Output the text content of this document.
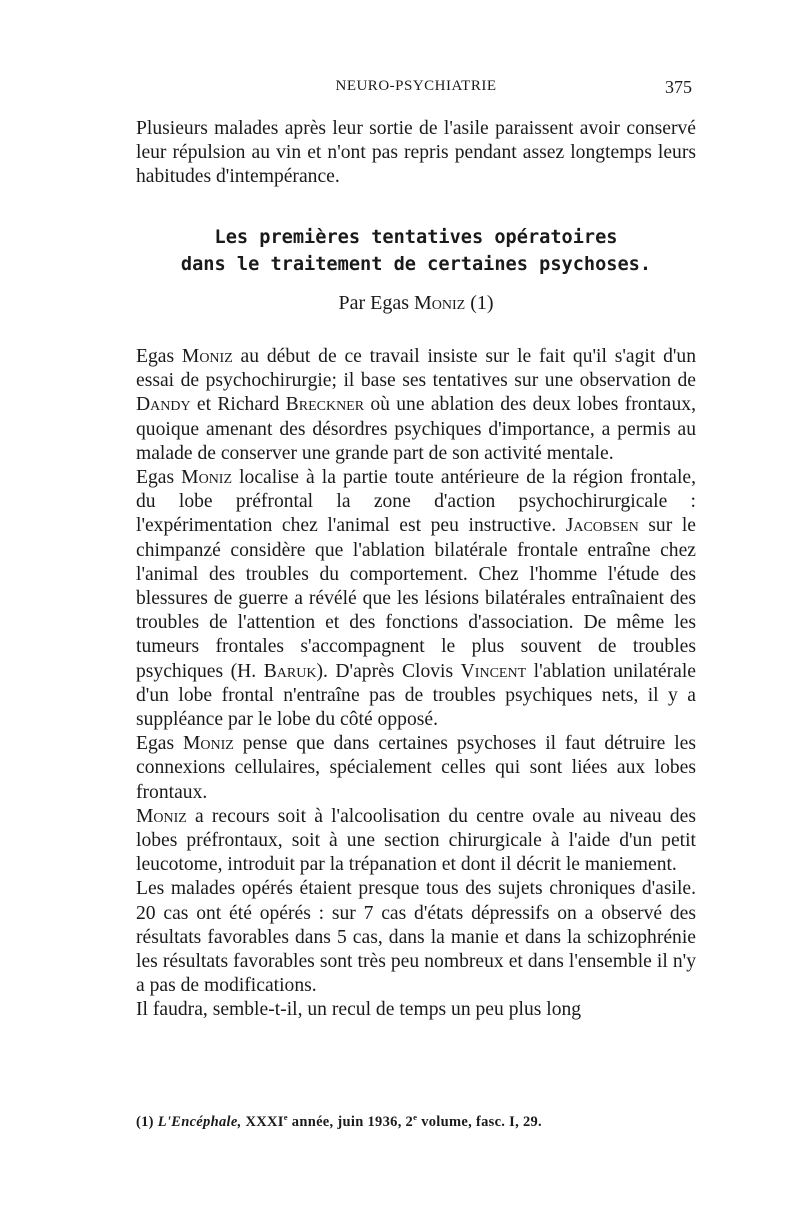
NEURO-PSYCHIATRIE	375

Plusieurs malades après leur sortie de l'asile paraissent avoir conservé leur répulsion au vin et n'ont pas repris pendant assez longtemps leurs habitudes d'intempérance.

Les premières tentatives opératoires
dans le traitement de certaines psychoses.
Par Egas Moniz (1)

Egas Moniz au début de ce travail insiste sur le fait qu'il s'agit d'un essai de psychochirurgie; il base ses tentatives sur une observation de Dandy et Richard Breckner où une ablation des deux lobes frontaux, quoique amenant des désordres psychiques d'importance, a permis au malade de conserver une grande part de son activité mentale.

Egas Moniz localise à la partie toute antérieure de la région frontale, du lobe préfrontal la zone d'action psychochirurgicale : l'expérimentation chez l'animal est peu instructive. Jacobsen sur le chimpanzé considère que l'ablation bilatérale frontale entraîne chez l'animal des troubles du comportement. Chez l'homme l'étude des blessures de guerre a révélé que les lésions bilatérales entraînaient des troubles de l'attention et des fonctions d'association. De même les tumeurs frontales s'accompagnent le plus souvent de troubles psychiques (H. Baruk). D'après Clovis Vincent l'ablation unilatérale d'un lobe frontal n'entraîne pas de troubles psychiques nets, il y a suppléance par le lobe du côté opposé.

Egas Moniz pense que dans certaines psychoses il faut détruire les connexions cellulaires, spécialement celles qui sont liées aux lobes frontaux.

Moniz a recours soit à l'alcoolisation du centre ovale au niveau des lobes préfrontaux, soit à une section chirurgicale à l'aide d'un petit leucotome, introduit par la trépanation et dont il décrit le maniement.

Les malades opérés étaient presque tous des sujets chroniques d'asile. 20 cas ont été opérés : sur 7 cas d'états dépressifs on a observé des résultats favorables dans 5 cas, dans la manie et dans la schizophrénie les résultats favorables sont très peu nombreux et dans l'ensemble il n'y a pas de modifications.

Il faudra, semble-t-il, un recul de temps un peu plus long

(1) L'Encéphale, XXXIe année, juin 1936, 2e volume, fasc. I, 29.
